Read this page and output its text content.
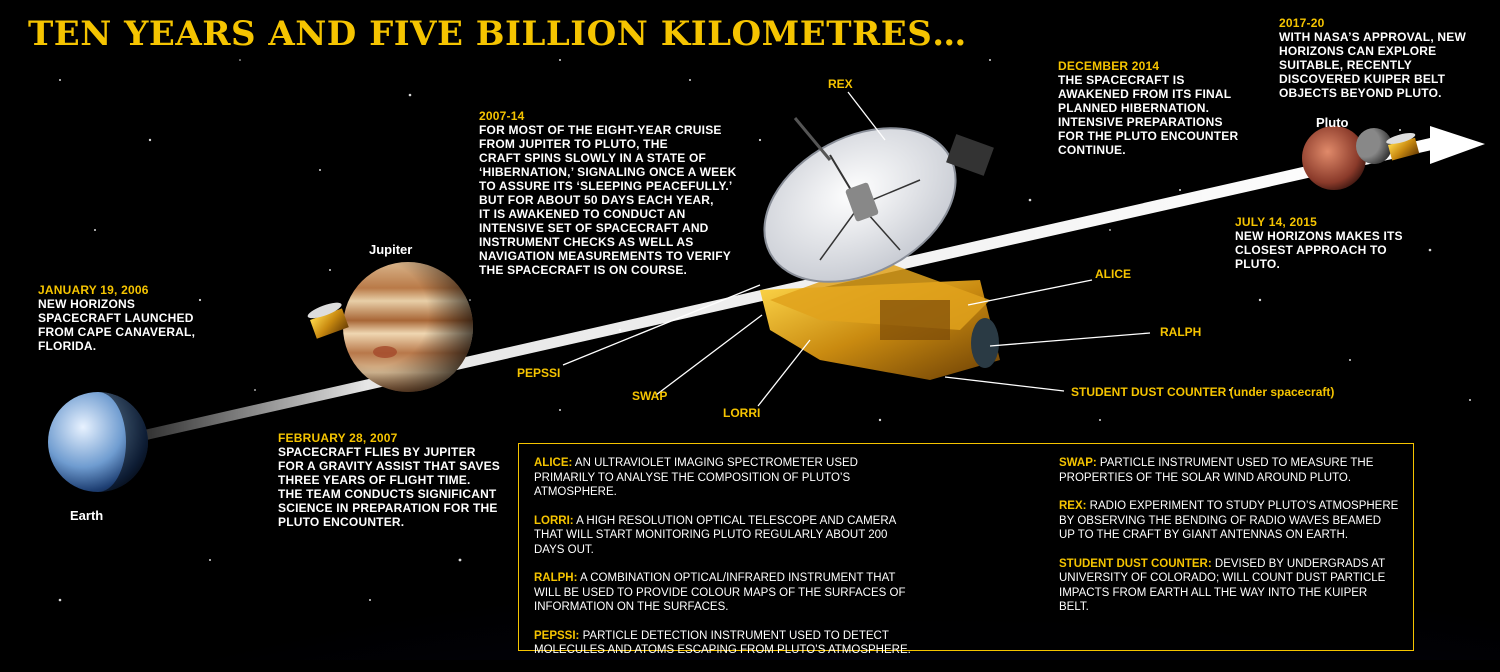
TEN YEARS AND FIVE BILLION KILOMETRES…
Jupiter
Earth
Pluto
JANUARY 19, 2006
NEW HORIZONS
SPACECRAFT LAUNCHED
FROM CAPE CANAVERAL,
FLORIDA.
FEBRUARY 28, 2007
SPACECRAFT FLIES BY JUPITER
FOR A GRAVITY ASSIST THAT SAVES
THREE YEARS OF FLIGHT TIME.
THE TEAM CONDUCTS SIGNIFICANT
SCIENCE IN PREPARATION FOR THE
PLUTO ENCOUNTER.
2007-14
FOR MOST OF THE EIGHT-YEAR CRUISE
FROM JUPITER TO PLUTO, THE
CRAFT SPINS SLOWLY IN A STATE OF
‘HIBERNATION,’ SIGNALING ONCE A WEEK
TO ASSURE ITS ‘SLEEPING PEACEFULLY.’
BUT FOR ABOUT 50 DAYS EACH YEAR,
IT IS AWAKENED TO CONDUCT AN
INTENSIVE SET OF SPACECRAFT AND
INSTRUMENT CHECKS AS WELL AS
NAVIGATION MEASUREMENTS TO VERIFY
THE SPACECRAFT IS ON COURSE.
DECEMBER 2014
THE SPACECRAFT IS
AWAKENED FROM ITS FINAL
PLANNED HIBERNATION.
INTENSIVE PREPARATIONS
FOR THE PLUTO ENCOUNTER
CONTINUE.
JULY 14, 2015
NEW HORIZONS MAKES ITS
CLOSEST APPROACH TO
PLUTO.
2017-20
WITH NASA’S APPROVAL, NEW
HORIZONS CAN EXPLORE
SUITABLE, RECENTLY
DISCOVERED KUIPER BELT
OBJECTS BEYOND PLUTO.
REX
ALICE
RALPH
PEPSSI
SWAP
LORRI
STUDENT DUST COUNTER (under spacecraft)
ALICE: AN ULTRAVIOLET IMAGING SPECTROMETER USED PRIMARILY TO ANALYSE THE COMPOSITION OF PLUTO’S ATMOSPHERE.
LORRI: A HIGH RESOLUTION OPTICAL TELESCOPE AND CAMERA THAT WILL START MONITORING PLUTO REGULARLY ABOUT 200 DAYS OUT.
RALPH: A COMBINATION OPTICAL/INFRARED INSTRUMENT THAT WILL BE USED TO PROVIDE COLOUR MAPS OF THE SURFACES OF INFORMATION ON THE SURFACES.
PEPSSI: PARTICLE DETECTION INSTRUMENT USED TO DETECT MOLECULES AND ATOMS ESCAPING FROM PLUTO’S ATMOSPHERE.
SWAP: PARTICLE INSTRUMENT USED TO MEASURE THE PROPERTIES OF THE SOLAR WIND AROUND PLUTO.
REX: RADIO EXPERIMENT TO STUDY PLUTO’S ATMOSPHERE BY OBSERVING THE BENDING OF RADIO WAVES BEAMED UP TO THE CRAFT BY GIANT ANTENNAS ON EARTH.
STUDENT DUST COUNTER: DEVISED BY UNDERGRADS AT UNIVERSITY OF COLORADO; WILL COUNT DUST PARTICLE IMPACTS FROM EARTH ALL THE WAY INTO THE KUIPER BELT.
